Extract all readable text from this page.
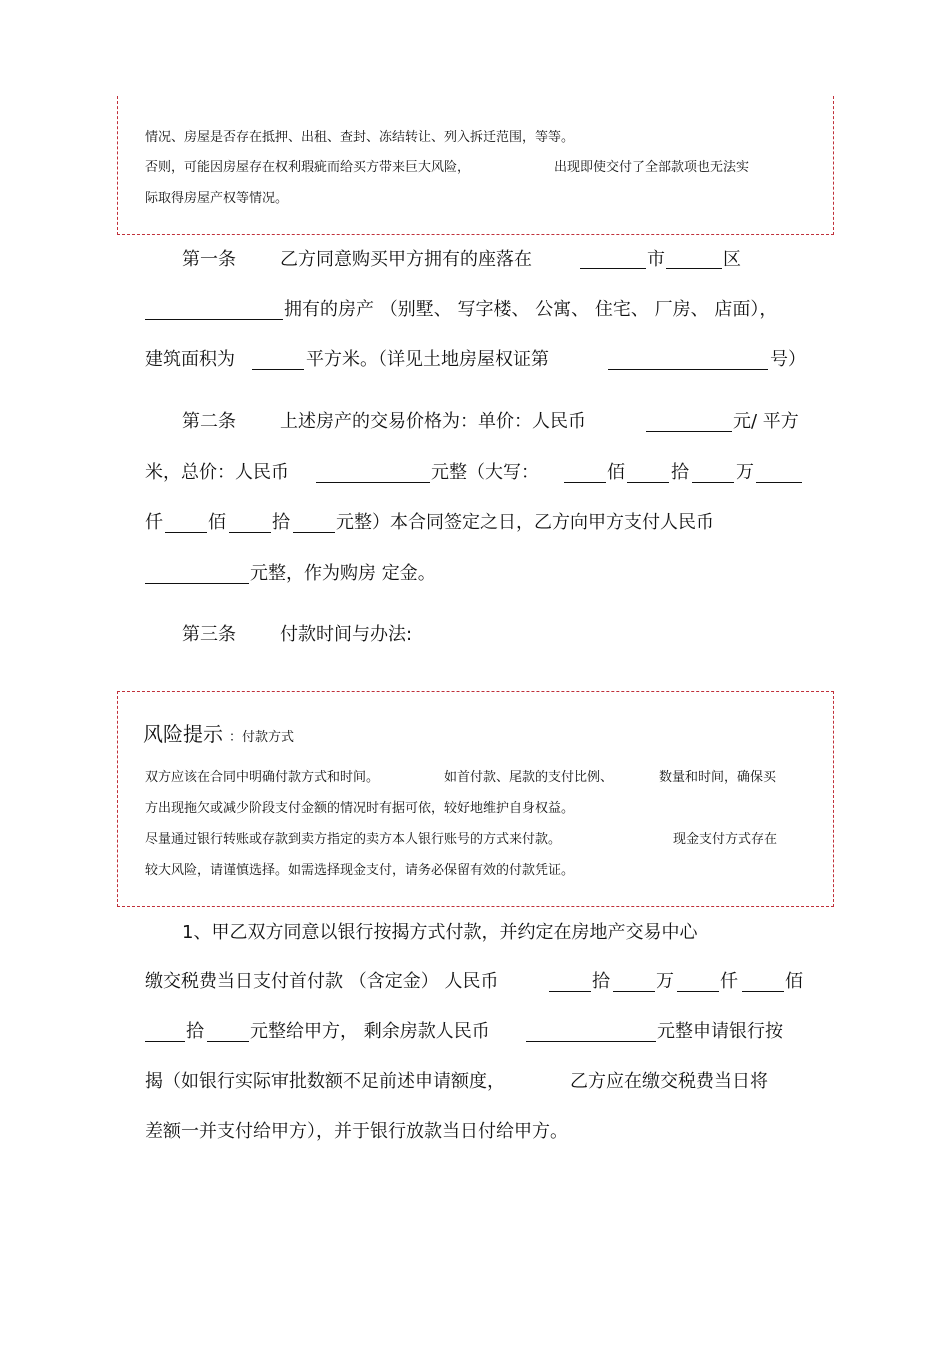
情况、房屋是否存在抵押、出租、查封、冻结转让、列入拆迁范围，等等。
否则，可能因房屋存在权利瑕疵而给买方带来巨大风险，	出现即使交付了全部款项也无法实
际取得房屋产权等情况。
第一条 乙方同意购买甲方拥有的座落在	市	区
拥有的房产 （别墅、 写字楼、 公寓、 住宅、 厂房、 店面），
建筑面积为	平方米。（详见土地房屋权证第	号）
第二条 上述房产的交易价格为：单价：人民币	元/ 平方
米，总价：人民币	元整（大写：	佰	拾	万
仟	佰	拾	元整）本合同签定之日，乙方向甲方支付人民币
元整，作为购房 定金。
第三条 付款时间与办法:
风险提示 ：付款方式
双方应该在合同中明确付款方式和时间。	如首付款、尾款的支付比例、	数量和时间，确保买
方出现拖欠或减少阶段支付金额的情况时有据可依，较好地维护自身权益。
尽量通过银行转账或存款到卖方指定的卖方本人银行账号的方式来付款。	现金支付方式存在
较大风险，请谨慎选择。如需选择现金支付，请务必保留有效的付款凭证。
1、甲乙双方同意以银行按揭方式付款，并约定在房地产交易中心
缴交税费当日支付首付款 （含定金） 人民币	拾	万	仟	佰
拾	元整给甲方， 剩余房款人民币	元整申请银行按
揭（如银行实际审批数额不足前述申请额度，	乙方应在缴交税费当日将
差额一并支付给甲方），并于银行放款当日付给甲方。
